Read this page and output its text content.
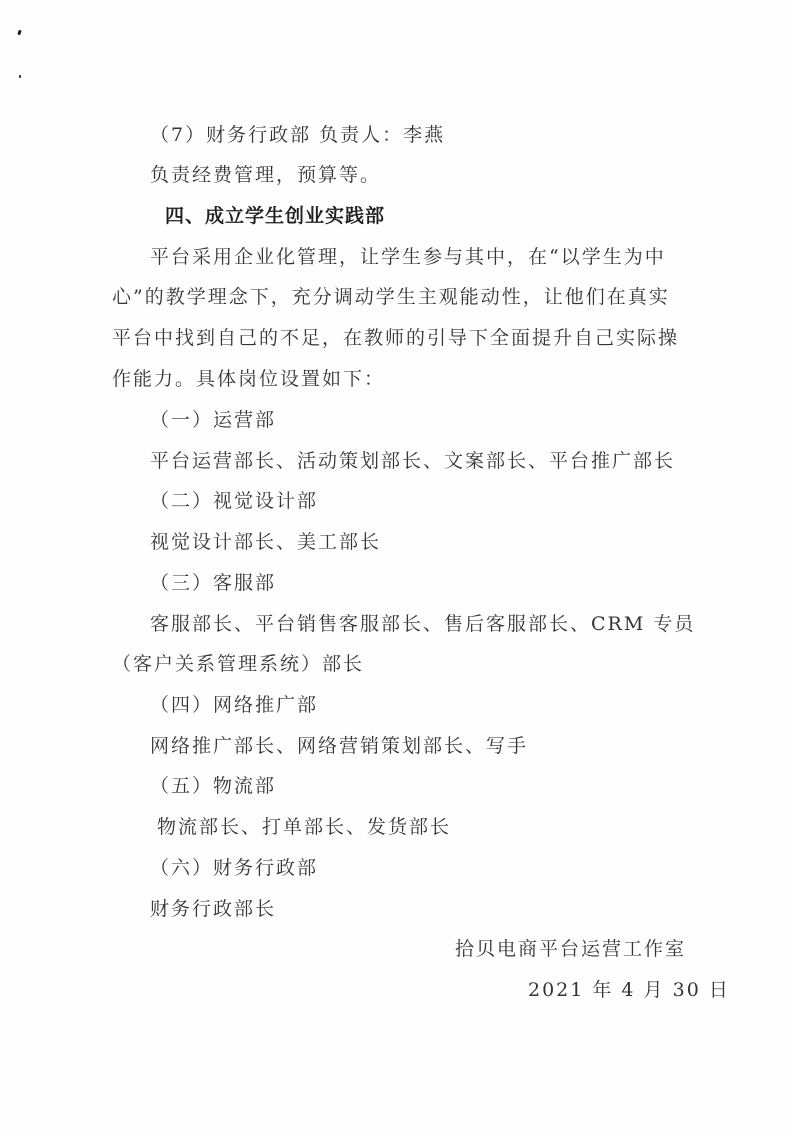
（7）财务行政部 负责人：李燕
负责经费管理，预算等。
四、成立学生创业实践部
平台采用企业化管理，让学生参与其中，在“以学生为中
心”的教学理念下，充分调动学生主观能动性，让他们在真实
平台中找到自己的不足，在教师的引导下全面提升自己实际操
作能力。具体岗位设置如下：
（一）运营部
平台运营部长、活动策划部长、文案部长、平台推广部长
（二）视觉设计部
视觉设计部长、美工部长
（三）客服部
客服部长、平台销售客服部长、售后客服部长、CRM 专员
（客户关系管理系统）部长
（四）网络推广部
网络推广部长、网络营销策划部长、写手
（五）物流部
物流部长、打单部长、发货部长
（六）财务行政部
财务行政部长
拾贝电商平台运营工作室
2021 年 4 月 30 日
